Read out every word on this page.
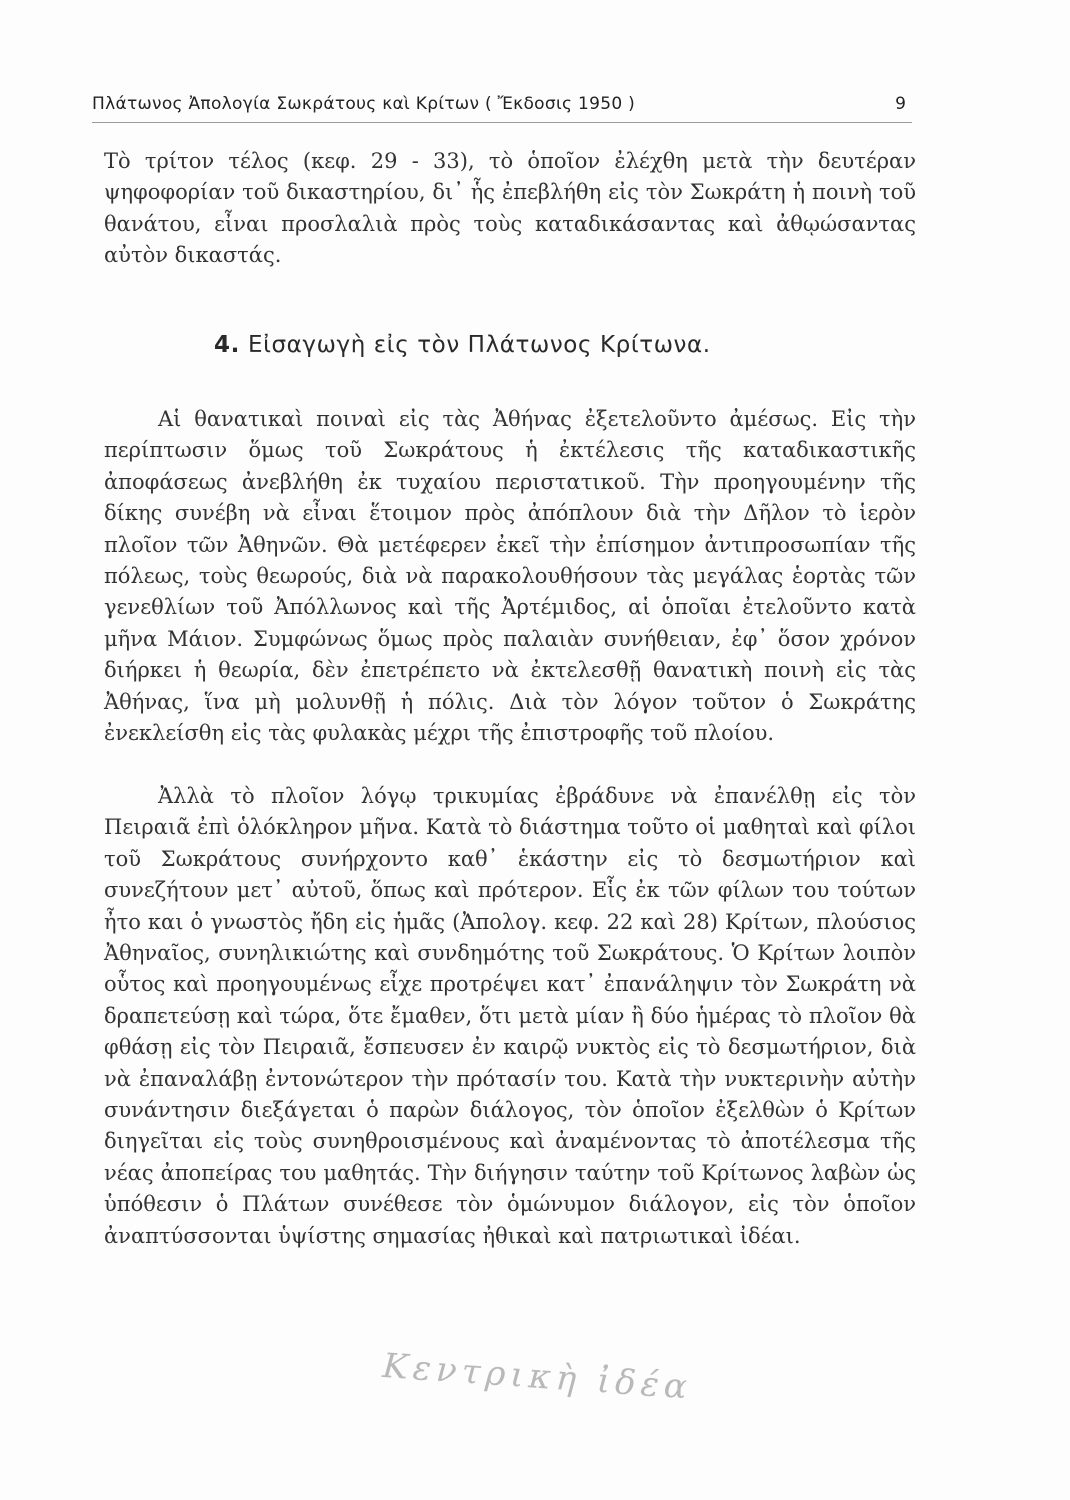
Πλάτωνος Ἀπολογία Σωκράτους καὶ Κρίτων ( Ἔκδοσις 1950 )	9

Τὸ τρίτον τέλος (κεφ. 29 - 33), τὸ ὁποῖον ἐλέχθη μετὰ τὴν δευτέραν ψηφοφορίαν τοῦ δικαστηρίου, δι᾽ ἧς ἐπεβλήθη εἰς τὸν Σωκράτη ἡ ποινὴ τοῦ θανάτου, εἶναι προσλαλιὰ πρὸς τοὺς καταδικάσαντας καὶ ἀθῳώσαντας αὐτὸν δικαστάς.

4. Εἰσαγωγὴ εἰς τὸν Πλάτωνος Κρίτωνα.

Αἱ θανατικαὶ ποιναὶ εἰς τὰς Ἀθήνας ἐξετελοῦντο ἀμέσως. Εἰς τὴν περίπτωσιν ὅμως τοῦ Σωκράτους ἡ ἐκτέλεσις τῆς καταδικαστικῆς ἀποφάσεως ἀνεβλήθη ἐκ τυχαίου περιστατικοῦ. Τὴν προηγουμένην τῆς δίκης συνέβη νὰ εἶναι ἕτοιμον πρὸς ἀπόπλουν διὰ τὴν Δῆλον τὸ ἱερὸν πλοῖον τῶν Ἀθηνῶν. Θὰ μετέφερεν ἐκεῖ τὴν ἐπίσημον ἀντιπροσωπίαν τῆς πόλεως, τοὺς θεωρούς, διὰ νὰ παρακολουθήσουν τὰς μεγάλας ἑορτὰς τῶν γενεθλίων τοῦ Ἀπόλλωνος καὶ τῆς Ἀρτέμιδος, αἱ ὁποῖαι ἐτελοῦντο κατὰ μῆνα Μάιον. Συμφώνως ὅμως πρὸς παλαιὰν συνήθειαν, ἐφ᾽ ὅσον χρόνον διήρκει ἡ θεωρία, δὲν ἐπετρέπετο νὰ ἐκτελεσθῇ θανατικὴ ποινὴ εἰς τὰς Ἀθήνας, ἵνα μὴ μολυνθῇ ἡ πόλις. Διὰ τὸν λόγον τοῦτον ὁ Σωκράτης ἐνεκλείσθη εἰς τὰς φυλακὰς μέχρι τῆς ἐπιστροφῆς τοῦ πλοίου.

Ἀλλὰ τὸ πλοῖον λόγῳ τρικυμίας ἐβράδυνε νὰ ἐπανέλθῃ εἰς τὸν Πειραιᾶ ἐπὶ ὁλόκληρον μῆνα. Κατὰ τὸ διάστημα τοῦτο οἱ μαθηταὶ καὶ φίλοι τοῦ Σωκράτους συνήρχοντο καθ᾽ ἑκάστην εἰς τὸ δεσμωτήριον καὶ συνεζήτουν μετ᾽ αὐτοῦ, ὅπως καὶ πρότερον. Εἷς ἐκ τῶν φίλων του τούτων ἦτο και ὁ γνωστὸς ἤδη εἰς ἡμᾶς (Ἀπολογ. κεφ. 22 καὶ 28) Κρίτων, πλούσιος Ἀθηναῖος, συνηλικιώτης καὶ συνδημότης τοῦ Σωκράτους. Ὁ Κρίτων λοιπὸν οὗτος καὶ προηγουμένως εἶχε προτρέψει κατ᾽ ἐπανάληψιν τὸν Σωκράτη νὰ δραπετεύσῃ καὶ τώρα, ὅτε ἔμαθεν, ὅτι μετὰ μίαν ἢ δύο ἡμέρας τὸ πλοῖον θὰ φθάσῃ εἰς τὸν Πειραιᾶ, ἔσπευσεν ἐν καιρῷ νυκτὸς εἰς τὸ δεσμωτήριον, διὰ νὰ ἐπαναλάβῃ ἐντονώτερον τὴν πρότασίν του. Κατὰ τὴν νυκτερινὴν αὐτὴν συνάντησιν διεξάγεται ὁ παρὼν διάλογος, τὸν ὁποῖον ἐξελθὼν ὁ Κρίτων διηγεῖται εἰς τοὺς συνηθροισμένους καὶ ἀναμένοντας τὸ ἀποτέλεσμα τῆς νέας ἀποπείρας του μαθητάς. Τὴν διήγησιν ταύτην τοῦ Κρίτωνος λαβὼν ὡς ὑπόθεσιν ὁ Πλάτων συνέθεσε τὸν ὁμώνυμον διάλογον, εἰς τὸν ὁποῖον ἀναπτύσσονται ὑψίστης σημασίας ἠθικαὶ καὶ πατριωτικαὶ ἰδέαι.

Κεντρικὴ ἰδέα
